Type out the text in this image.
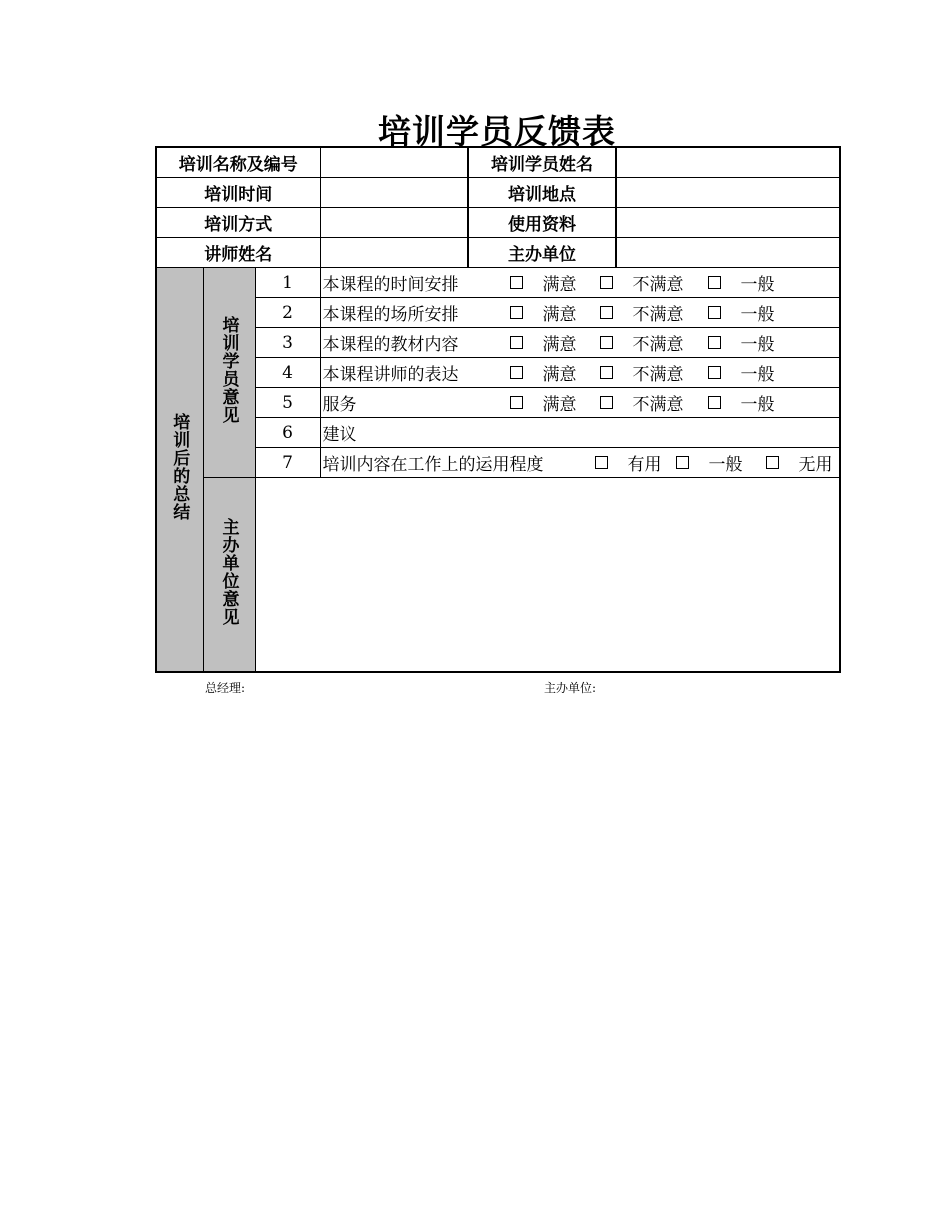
培训学员反馈表
培训名称及编号				培训学员姓名	
培训时间				培训地点	
培训方式				使用资料	
讲师姓名				主办单位	
培训后的总结	培训学员意见	1	本课程的时间安排 满意 不满意 一般		

		2	本课程的场所安排 满意 不满意 一般		

		3	本课程的教材内容 满意 不满意 一般		

		4	本课程讲师的表达 满意 不满意 一般		

		5	服务 满意 不满意 一般		

		6	建议		
		7	培训内容在工作上的运用程度 有用 一般 无用		

	主办单位意见				
总经理:	主办单位:
